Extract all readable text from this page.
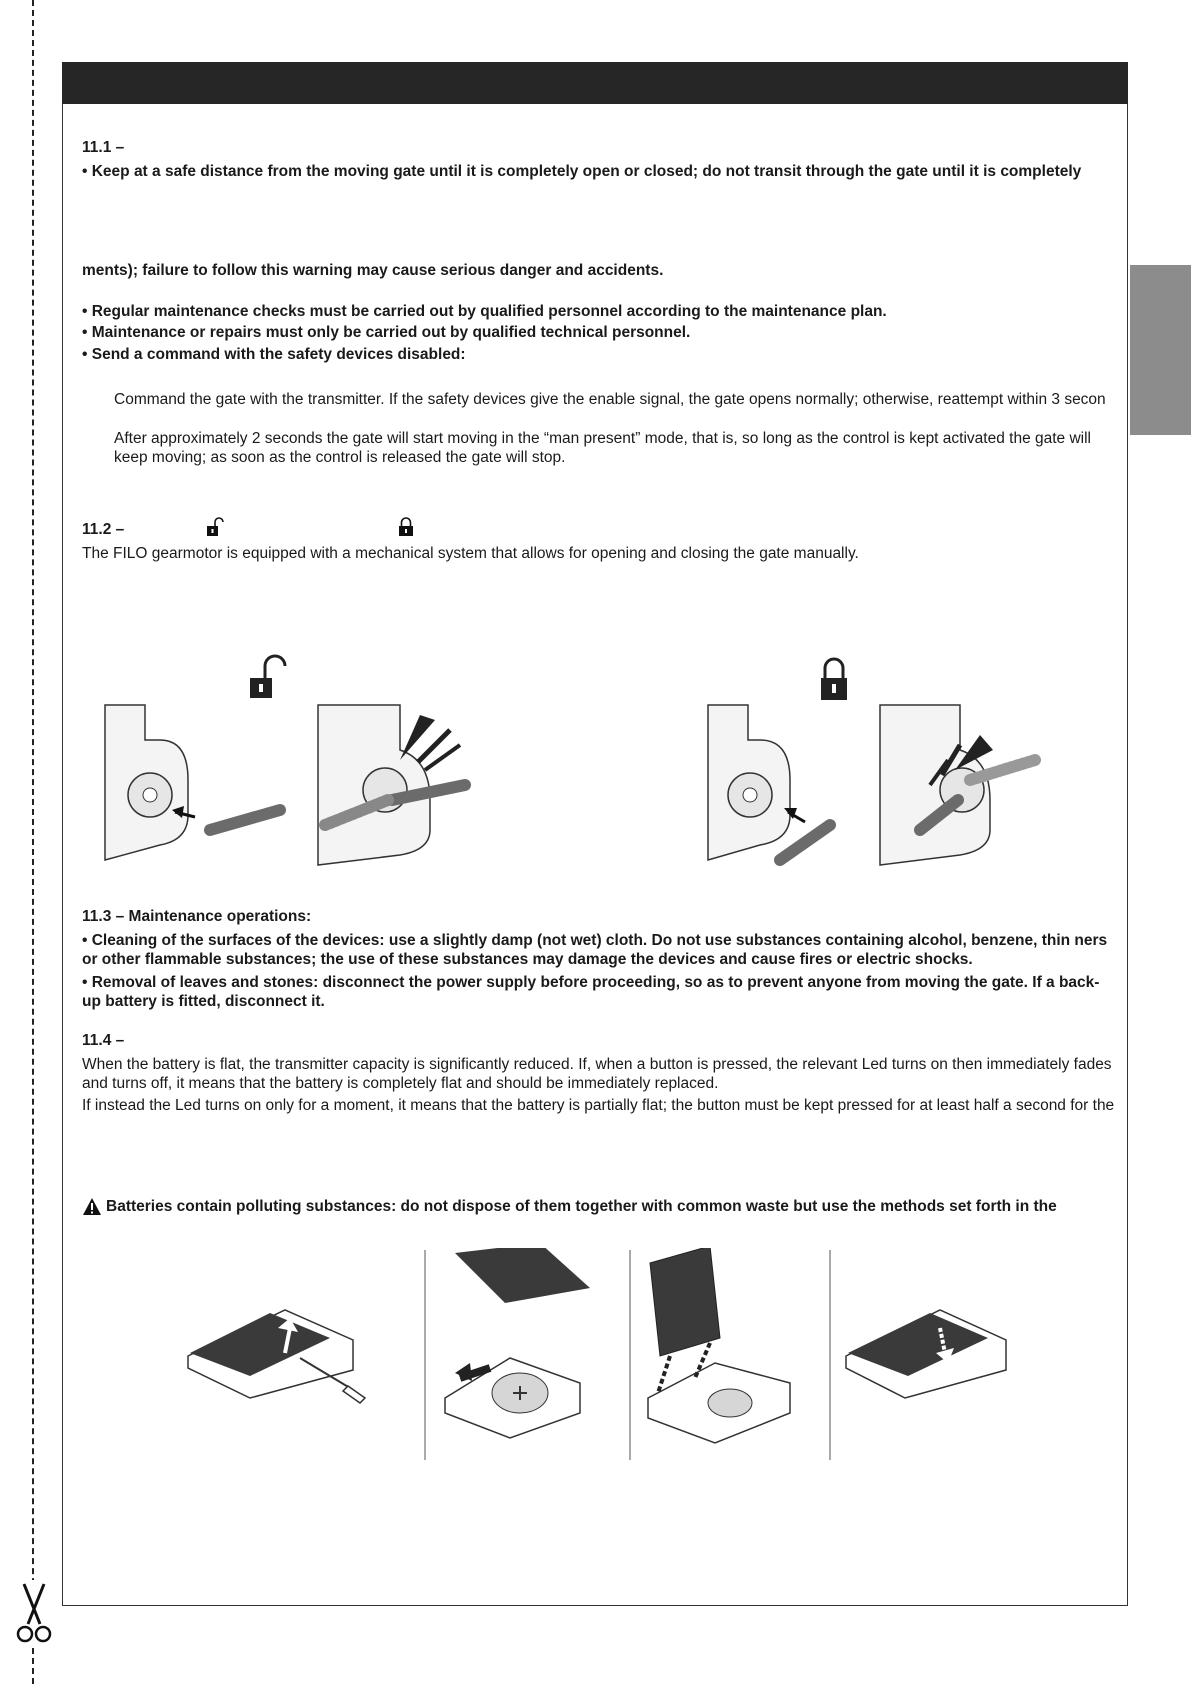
11.1 –
• Keep at a safe distance from the moving gate until it is completely open or closed; do not transit through the gate until it is completely
ments); failure to follow this warning may cause serious danger and accidents.
• Regular maintenance checks must be carried out by qualified personnel according to the maintenance plan.
• Maintenance or repairs must only be carried out by qualified technical personnel.
• Send a command with the safety devices disabled:
Command the gate with the transmitter. If the safety devices give the enable signal, the gate opens normally; otherwise, reattempt within 3 secon
After approximately 2 seconds the gate will start moving in the “man present” mode, that is, so long as the control is kept activated the gate will keep moving; as soon as the control is released the gate will stop.
11.2 –
The FILO gearmotor is equipped with a mechanical system that allows for opening and closing the gate manually.
11.3 – Maintenance operations:
• Cleaning of the surfaces of the devices: use a slightly damp (not wet) cloth. Do not use substances containing alcohol, benzene, thin ners or other flammable substances; the use of these substances may damage the devices and cause fires or electric shocks.
• Removal of leaves and stones: disconnect the power supply before proceeding, so as to prevent anyone from moving the gate. If a back-up battery is fitted, disconnect it.
11.4 –
When the battery is flat, the transmitter capacity is significantly reduced. If, when a button is pressed, the relevant Led turns on then immediately fades and turns off, it means that the battery is completely flat and should be immediately replaced.
If instead the Led turns on only for a moment, it means that the battery is partially flat; the button must be kept pressed for at least half a second for the
Batteries contain polluting substances: do not dispose of them together with common waste but use the methods set forth in the
